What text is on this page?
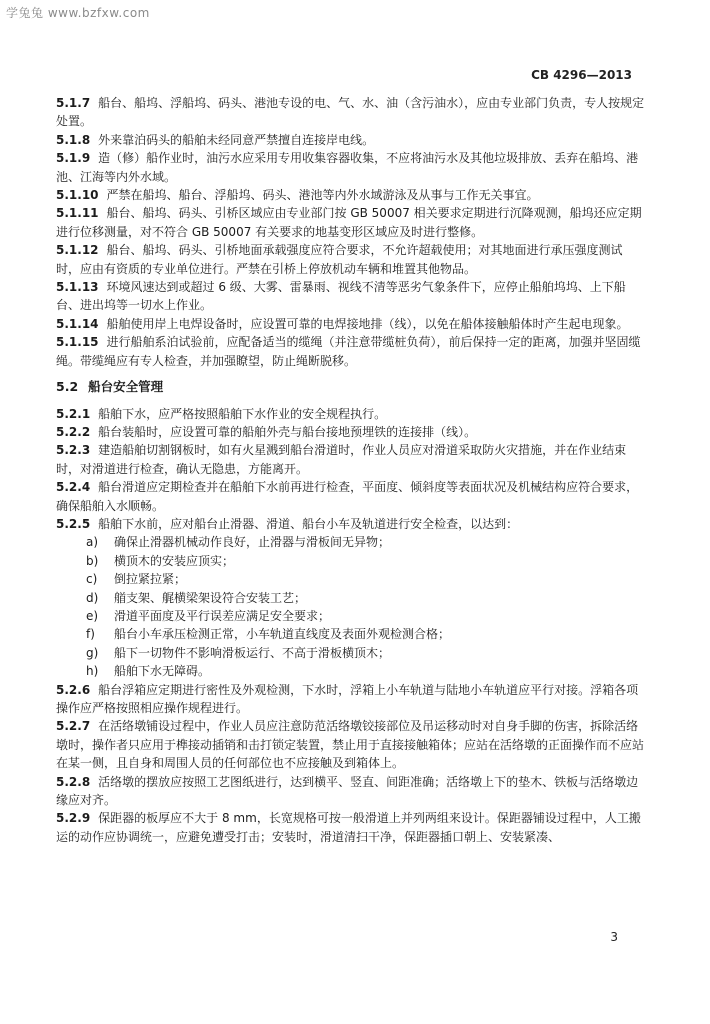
学兔兔 www.bzfxw.com
CB 4296—2013
5.1.7 船台、船坞、浮船坞、码头、港池专设的电、气、水、油（含污油水），应由专业部门负责，专人按规定处置。
5.1.8 外来靠泊码头的船舶未经同意严禁擅自连接岸电线。
5.1.9 造（修）船作业时，油污水应采用专用收集容器收集，不应将油污水及其他垃圾排放、丢弃在船坞、港池、江海等内外水域。
5.1.10 严禁在船坞、船台、浮船坞、码头、港池等内外水域游泳及从事与工作无关事宜。
5.1.11 船台、船坞、码头、引桥区域应由专业部门按 GB 50007 相关要求定期进行沉降观测，船坞还应定期进行位移测量，对不符合 GB 50007 有关要求的地基变形区域应及时进行整修。
5.1.12 船台、船坞、码头、引桥地面承载强度应符合要求，不允许超载使用；对其地面进行承压强度测试时，应由有资质的专业单位进行。严禁在引桥上停放机动车辆和堆置其他物品。
5.1.13 环境风速达到或超过 6 级、大雾、雷暴雨、视线不清等恶劣气象条件下，应停止船舶坞坞、上下船台、进出坞等一切水上作业。
5.1.14 船舶使用岸上电焊设备时，应设置可靠的电焊接地排（线），以免在船体接触船体时产生起电现象。
5.1.15 进行船舶系泊试验前，应配备适当的缆绳（并注意带缆桩负荷），前后保持一定的距离，加强并坚固缆绳。带缆绳应有专人检查，并加强瞭望，防止绳断脱移。
5.2 船台安全管理
5.2.1 船舶下水，应严格按照船舶下水作业的安全规程执行。
5.2.2 船台装船时，应设置可靠的船舶外壳与船台接地预埋铁的连接排（线）。
5.2.3 建造船舶切割钢板时，如有火星溅到船台滑道时，作业人员应对滑道采取防火灾措施，并在作业结束时，对滑道进行检查，确认无隐患，方能离开。
5.2.4 船台滑道应定期检查并在船舶下水前再进行检查，平面度、倾斜度等表面状况及机械结构应符合要求，确保船舶入水顺畅。
5.2.5 船舶下水前，应对船台止滑器、滑道、船台小车及轨道进行安全检查，以达到：
a) 确保止滑器机械动作良好，止滑器与滑板间无异物；
b) 横顶木的安装应顶实；
c) 倒拉紧拉紧；
d) 艏支架、艉横梁架设符合安装工艺；
e) 滑道平面度及平行误差应满足安全要求；
f) 船台小车承压检测正常，小车轨道直线度及表面外观检测合格；
g) 船下一切物件不影响滑板运行、不高于滑板横顶木；
h) 船舶下水无障碍。
5.2.6 船台浮箱应定期进行密性及外观检测，下水时，浮箱上小车轨道与陆地小车轨道应平行对接。浮箱各项操作应严格按照相应操作规程进行。
5.2.7 在活络墩铺设过程中，作业人员应注意防范活络墩铰接部位及吊运移动时对自身手脚的伤害，拆除活络墩时，操作者只应用于榫接动插销和击打锁定装置，禁止用于直接接触箱体；应站在活络墩的正面操作而不应站在某一侧，且自身和周围人员的任何部位也不应接触及到箱体上。
5.2.8 活络墩的摆放应按照工艺图纸进行，达到横平、竖直、间距准确；活络墩上下的垫木、铁板与活络墩边缘应对齐。
5.2.9 保距器的板厚应不大于 8 mm，长宽规格可按一般滑道上并列两组来设计。保距器铺设过程中，人工搬运的动作应协调统一，应避免遭受打击；安装时，滑道清扫干净，保距器插口朝上、安装紧凑、
3
